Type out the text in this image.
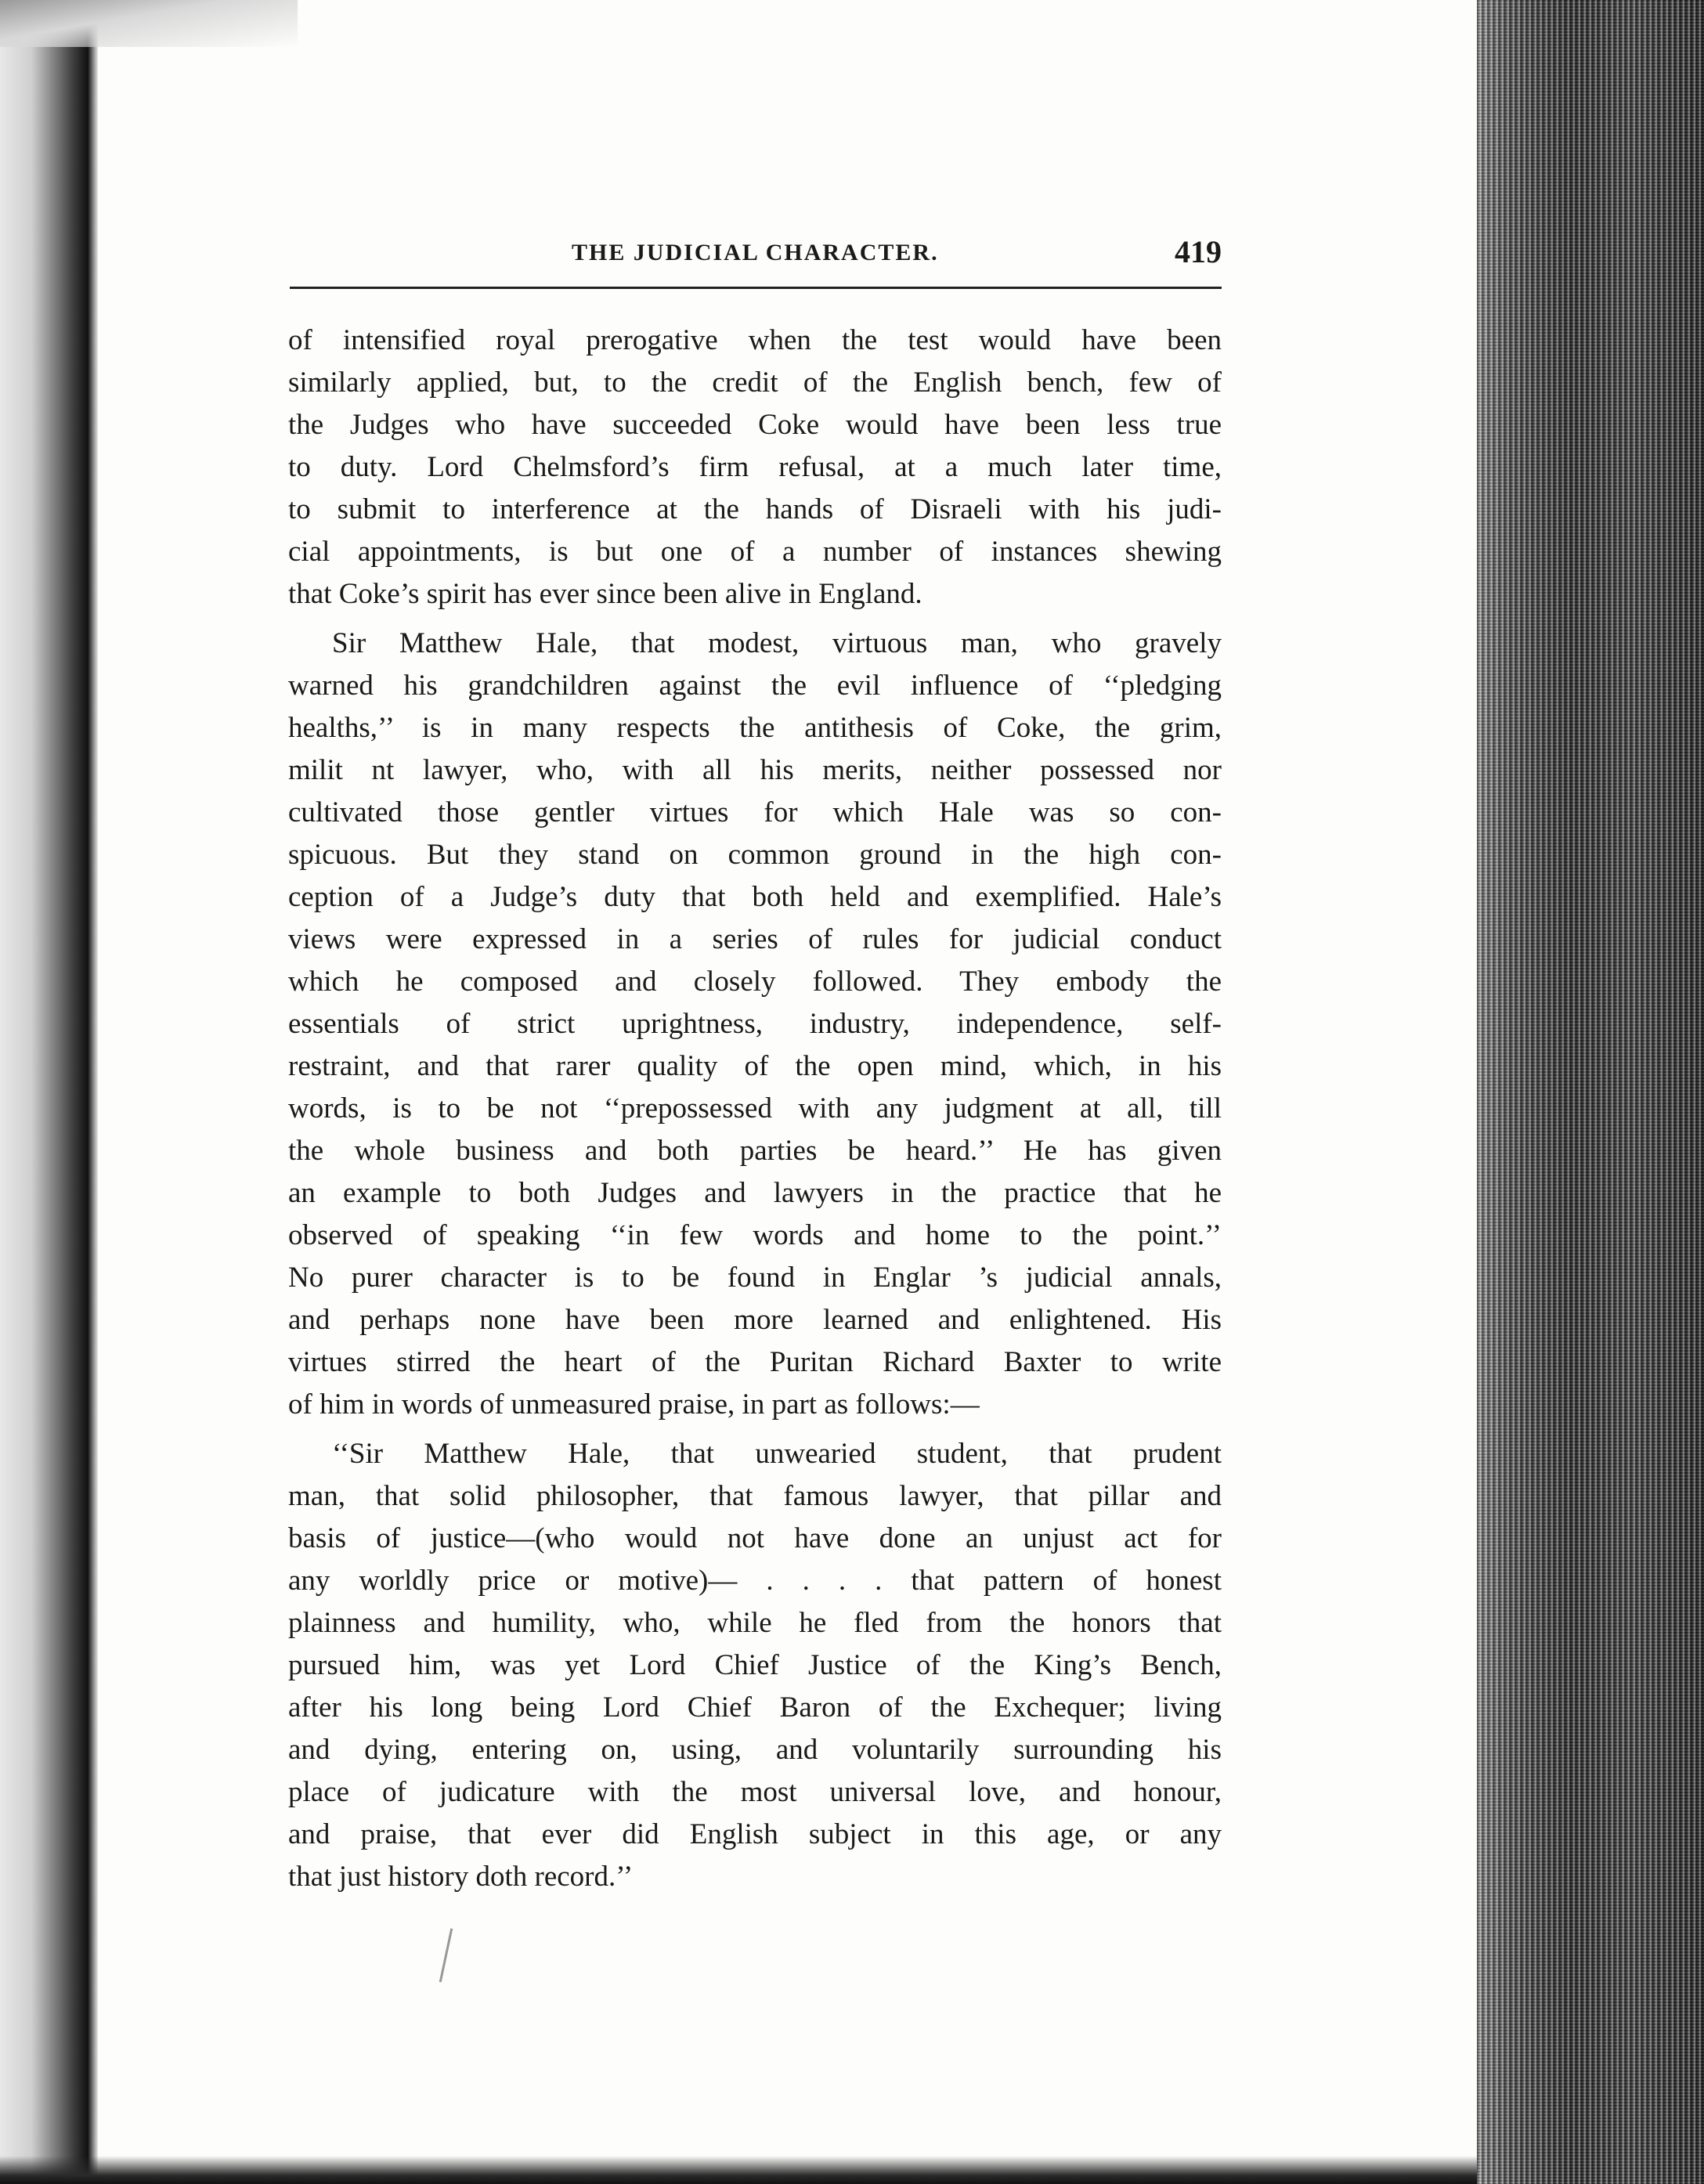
THE JUDICIAL CHARACTER.	419
of intensified royal prerogative when the test would have been
similarly applied, but, to the credit of the English bench, few of
the Judges who have succeeded Coke would have been less true
to duty. Lord Chelmsford’s firm refusal, at a much later time,
to submit to interference at the hands of Disraeli with his judi-
cial appointments, is but one of a number of instances shewing
that Coke’s spirit has ever since been alive in England.
Sir Matthew Hale, that modest, virtuous man, who gravely
warned his grandchildren against the evil influence of ‘‘pledging
healths,’’ is in many respects the antithesis of Coke, the grim,
milit nt lawyer, who, with all his merits, neither possessed nor
cultivated those gentler virtues for which Hale was so con-
spicuous. But they stand on common ground in the high con-
ception of a Judge’s duty that both held and exemplified. Hale’s
views were expressed in a series of rules for judicial conduct
which he composed and closely followed. They embody the
essentials of strict uprightness, industry, independence, self-
restraint, and that rarer quality of the open mind, which, in his
words, is to be not ‘‘prepossessed with any judgment at all, till
the whole business and both parties be heard.’’ He has given
an example to both Judges and lawyers in the practice that he
observed of speaking ‘‘in few words and home to the point.’’
No purer character is to be found in Englar ’s judicial annals,
and perhaps none have been more learned and enlightened. His
virtues stirred the heart of the Puritan Richard Baxter to write
of him in words of unmeasured praise, in part as follows:—
‘‘Sir Matthew Hale, that unwearied student, that prudent
man, that solid philosopher, that famous lawyer, that pillar and
basis of justice—(who would not have done an unjust act for
any worldly price or motive)— . . . . that pattern of honest
plainness and humility, who, while he fled from the honors that
pursued him, was yet Lord Chief Justice of the King’s Bench,
after his long being Lord Chief Baron of the Exchequer; living
and dying, entering on, using, and voluntarily surrounding his
place of judicature with the most universal love, and honour,
and praise, that ever did English subject in this age, or any
that just history doth record.’’
